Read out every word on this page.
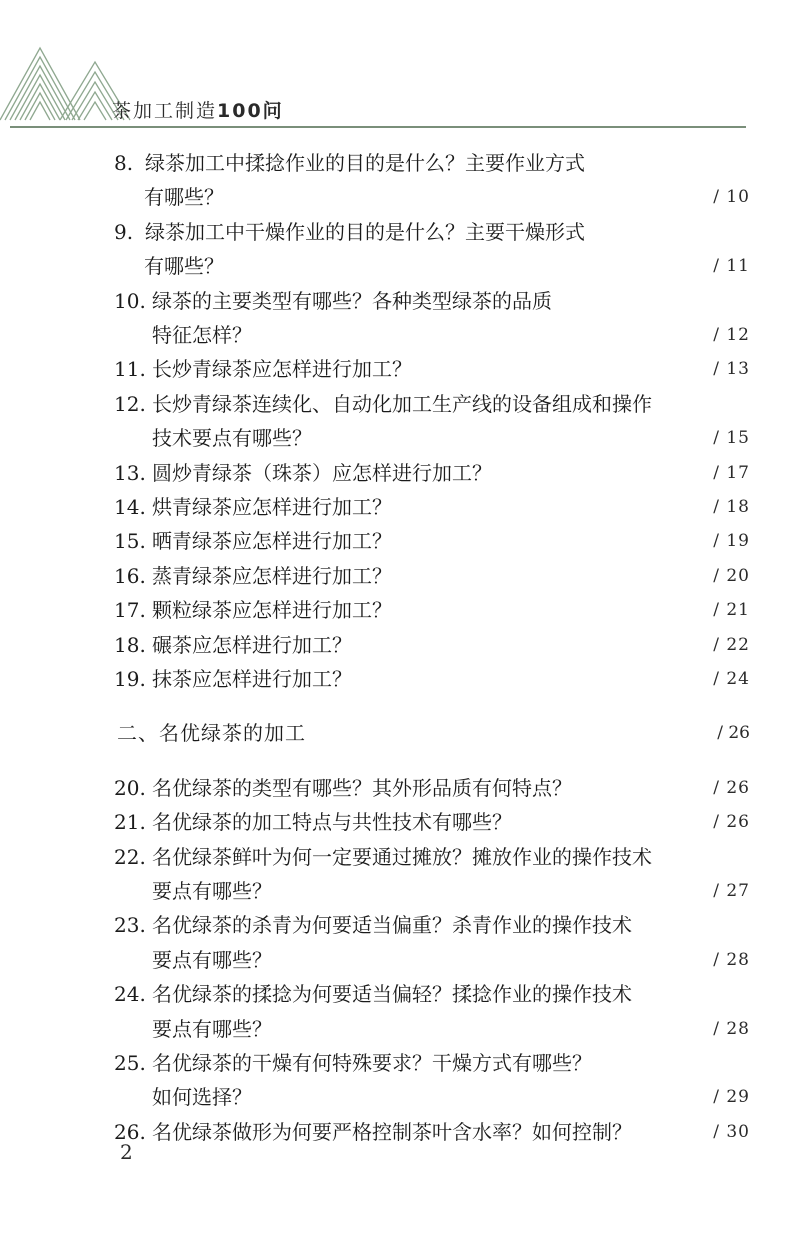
茶加工制造100问
8. 绿茶加工中揉捻作业的目的是什么？主要作业方式
有哪些？	/ 10
9. 绿茶加工中干燥作业的目的是什么？主要干燥形式
有哪些？	/ 11
10. 绿茶的主要类型有哪些？各种类型绿茶的品质
特征怎样？	/ 12
11. 长炒青绿茶应怎样进行加工？	/ 13
12. 长炒青绿茶连续化、自动化加工生产线的设备组成和操作
技术要点有哪些？	/ 15
13. 圆炒青绿茶（珠茶）应怎样进行加工？	/ 17
14. 烘青绿茶应怎样进行加工？	/ 18
15. 晒青绿茶应怎样进行加工？	/ 19
16. 蒸青绿茶应怎样进行加工？	/ 20
17. 颗粒绿茶应怎样进行加工？	/ 21
18. 碾茶应怎样进行加工？	/ 22
19. 抹茶应怎样进行加工？	/ 24
二、名优绿茶的加工	/ 26
20. 名优绿茶的类型有哪些？其外形品质有何特点？	/ 26
21. 名优绿茶的加工特点与共性技术有哪些？	/ 26
22. 名优绿茶鲜叶为何一定要通过摊放？摊放作业的操作技术
要点有哪些？	/ 27
23. 名优绿茶的杀青为何要适当偏重？杀青作业的操作技术
要点有哪些？	/ 28
24. 名优绿茶的揉捻为何要适当偏轻？揉捻作业的操作技术
要点有哪些？	/ 28
25. 名优绿茶的干燥有何特殊要求？干燥方式有哪些？
如何选择？	/ 29
26. 名优绿茶做形为何要严格控制茶叶含水率？如何控制？	/ 30
2
